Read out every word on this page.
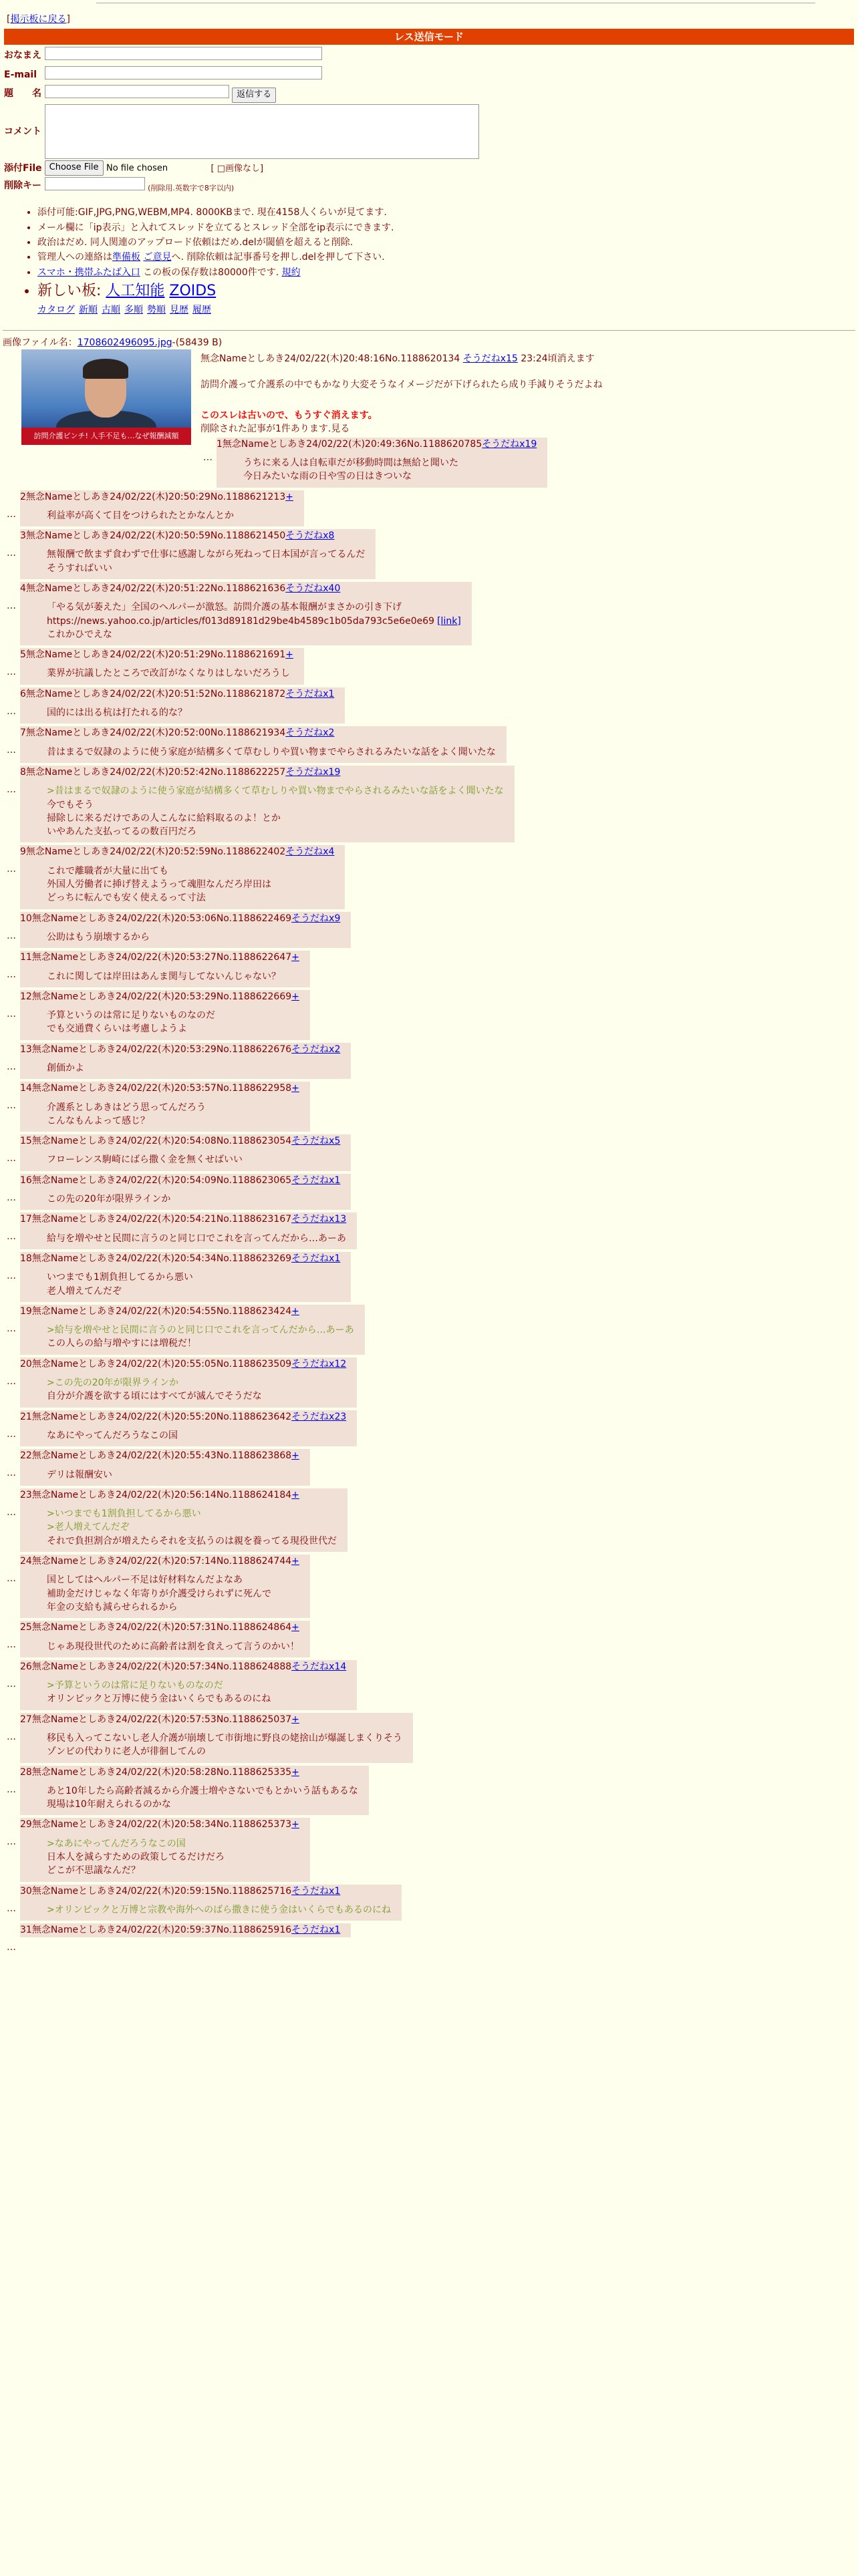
[掲示板に戻る]
レス送信モード
おなまえ	
E-mail	
題　　名	返信する
コメント	

添付File	Choose File No file chosen [ □画像なし]
削除キー	(削除用.英数字で8字以内)
• 添付可能:GIF,JPG,PNG,WEBM,MP4. 8000KBまで. 現在4158人くらいが見てます.
• メール欄に「ip表示」と入れてスレッドを立てるとスレッド全部をip表示にできます.
• 政治はだめ. 同人関連のアップロード依頼はだめ.delが閾値を超えると削除.
• 管理人への連絡は準備板 ご意見へ. 削除依頼は記事番号を押し.delを押して下さい.
• スマホ・携帯ふたば入口 この板の保存数は80000件です. 規約
• 新しい板: 人工知能 ZOIDS
カタログ 新順 古順 多順 勢順 見歴 履歴
画像ファイル名：1708602496095.jpg-(58439 B)
訪問介護ピンチ! 人手不足も…なぜ報酬減額
無念Nameとしあき24/02/22(木)20:48:16No.1188620134 そうだねx15 23:24頃消えます
訪問介護って介護系の中でもかなり大変そうなイメージだが下げられたら成り手減りそうだよね
このスレは古いので、もうすぐ消えます。
削除された記事が1件あります.見る
…
1無念Nameとしあき24/02/22(木)20:49:36No.1188620785そうだねx19
うちに来る人は自転車だが移動時間は無給と聞いた
今日みたいな雨の日や雪の日はきついな
…
2無念Nameとしあき24/02/22(木)20:50:29No.1188621213+
利益率が高くて目をつけられたとかなんとか
…
3無念Nameとしあき24/02/22(木)20:50:59No.1188621450そうだねx8
無報酬で飲まず食わずで仕事に感謝しながら死ねって日本国が言ってるんだ
そうすればいい
…
4無念Nameとしあき24/02/22(木)20:51:22No.1188621636そうだねx40
「やる気が萎えた」全国のヘルパーが激怒。訪問介護の基本報酬がまさかの引き下げ
https://news.yahoo.co.jp/articles/f013d89181d29be4b4589c1b05da793c5e6e0e69 [link]
これかひでえな
…
5無念Nameとしあき24/02/22(木)20:51:29No.1188621691+
業界が抗議したところで改訂がなくなりはしないだろうし
…
6無念Nameとしあき24/02/22(木)20:51:52No.1188621872そうだねx1
国的には出る杭は打たれる的な？
…
7無念Nameとしあき24/02/22(木)20:52:00No.1188621934そうだねx2
昔はまるで奴隷のように使う家庭が結構多くて草むしりや買い物までやらされるみたいな話をよく聞いたな
…
8無念Nameとしあき24/02/22(木)20:52:42No.1188622257そうだねx19
>昔はまるで奴隷のように使う家庭が結構多くて草むしりや買い物までやらされるみたいな話をよく聞いたな
今でもそう
掃除しに来るだけであの人こんなに給料取るのよ！とか
いやあんた支払ってるの数百円だろ
…
9無念Nameとしあき24/02/22(木)20:52:59No.1188622402そうだねx4
これで離職者が大量に出ても
外国人労働者に挿げ替えようって魂胆なんだろ岸田は
どっちに転んでも安く使えるって寸法
…
10無念Nameとしあき24/02/22(木)20:53:06No.1188622469そうだねx9
公助はもう崩壊するから
…
11無念Nameとしあき24/02/22(木)20:53:27No.1188622647+
これに関しては岸田はあんま関与してないんじゃない？
…
12無念Nameとしあき24/02/22(木)20:53:29No.1188622669+
予算というのは常に足りないものなのだ
でも交通費くらいは考慮しようよ
…
13無念Nameとしあき24/02/22(木)20:53:29No.1188622676そうだねx2
創価かよ
…
14無念Nameとしあき24/02/22(木)20:53:57No.1188622958+
介護系としあきはどう思ってんだろう
こんなもんよって感じ？
…
15無念Nameとしあき24/02/22(木)20:54:08No.1188623054そうだねx5
フローレンス駒崎にばら撒く金を無くせばいい
…
16無念Nameとしあき24/02/22(木)20:54:09No.1188623065そうだねx1
この先の20年が限界ラインか
…
17無念Nameとしあき24/02/22(木)20:54:21No.1188623167そうだねx13
給与を増やせと民間に言うのと同じ口でこれを言ってんだから…あーあ
…
18無念Nameとしあき24/02/22(木)20:54:34No.1188623269そうだねx1
いつまでも1割負担してるから悪い
老人増えてんだぞ
…
19無念Nameとしあき24/02/22(木)20:54:55No.1188623424+
>給与を増やせと民間に言うのと同じ口でこれを言ってんだから…あーあ
この人らの給与増やすには増税だ！
…
20無念Nameとしあき24/02/22(木)20:55:05No.1188623509そうだねx12
>この先の20年が限界ラインか
自分が介護を欲する頃にはすべてが滅んでそうだな
…
21無念Nameとしあき24/02/22(木)20:55:20No.1188623642そうだねx23
なあにやってんだろうなこの国
…
22無念Nameとしあき24/02/22(木)20:55:43No.1188623868+
デリは報酬安い
…
23無念Nameとしあき24/02/22(木)20:56:14No.1188624184+
>いつまでも1割負担してるから悪い
>老人増えてんだぞ
それで負担割合が増えたらそれを支払うのは親を養ってる現役世代だ
…
24無念Nameとしあき24/02/22(木)20:57:14No.1188624744+
国としてはヘルパー不足は好材料なんだよなあ
補助金だけじゃなく年寄りが介護受けられずに死んで
年金の支給も減らせられるから
…
25無念Nameとしあき24/02/22(木)20:57:31No.1188624864+
じゃあ現役世代のために高齢者は割を食えって言うのかい！
…
26無念Nameとしあき24/02/22(木)20:57:34No.1188624888そうだねx14
>予算というのは常に足りないものなのだ
オリンピックと万博に使う金はいくらでもあるのにね
…
27無念Nameとしあき24/02/22(木)20:57:53No.1188625037+
移民も入ってこないし老人介護が崩壊して市街地に野良の姥捨山が爆誕しまくりそう
ゾンビの代わりに老人が徘徊してんの
…
28無念Nameとしあき24/02/22(木)20:58:28No.1188625335+
あと10年したら高齢者減るから介護士増やさないでもとかいう話もあるな
現場は10年耐えられるのかな
…
29無念Nameとしあき24/02/22(木)20:58:34No.1188625373+
>なあにやってんだろうなこの国
日本人を減らすための政策してるだけだろ
どこが不思議なんだ？
…
30無念Nameとしあき24/02/22(木)20:59:15No.1188625716そうだねx1
>オリンピックと万博と宗教や海外へのばら撒きに使う金はいくらでもあるのにね
…
31無念Nameとしあき24/02/22(木)20:59:37No.1188625916そうだねx1
